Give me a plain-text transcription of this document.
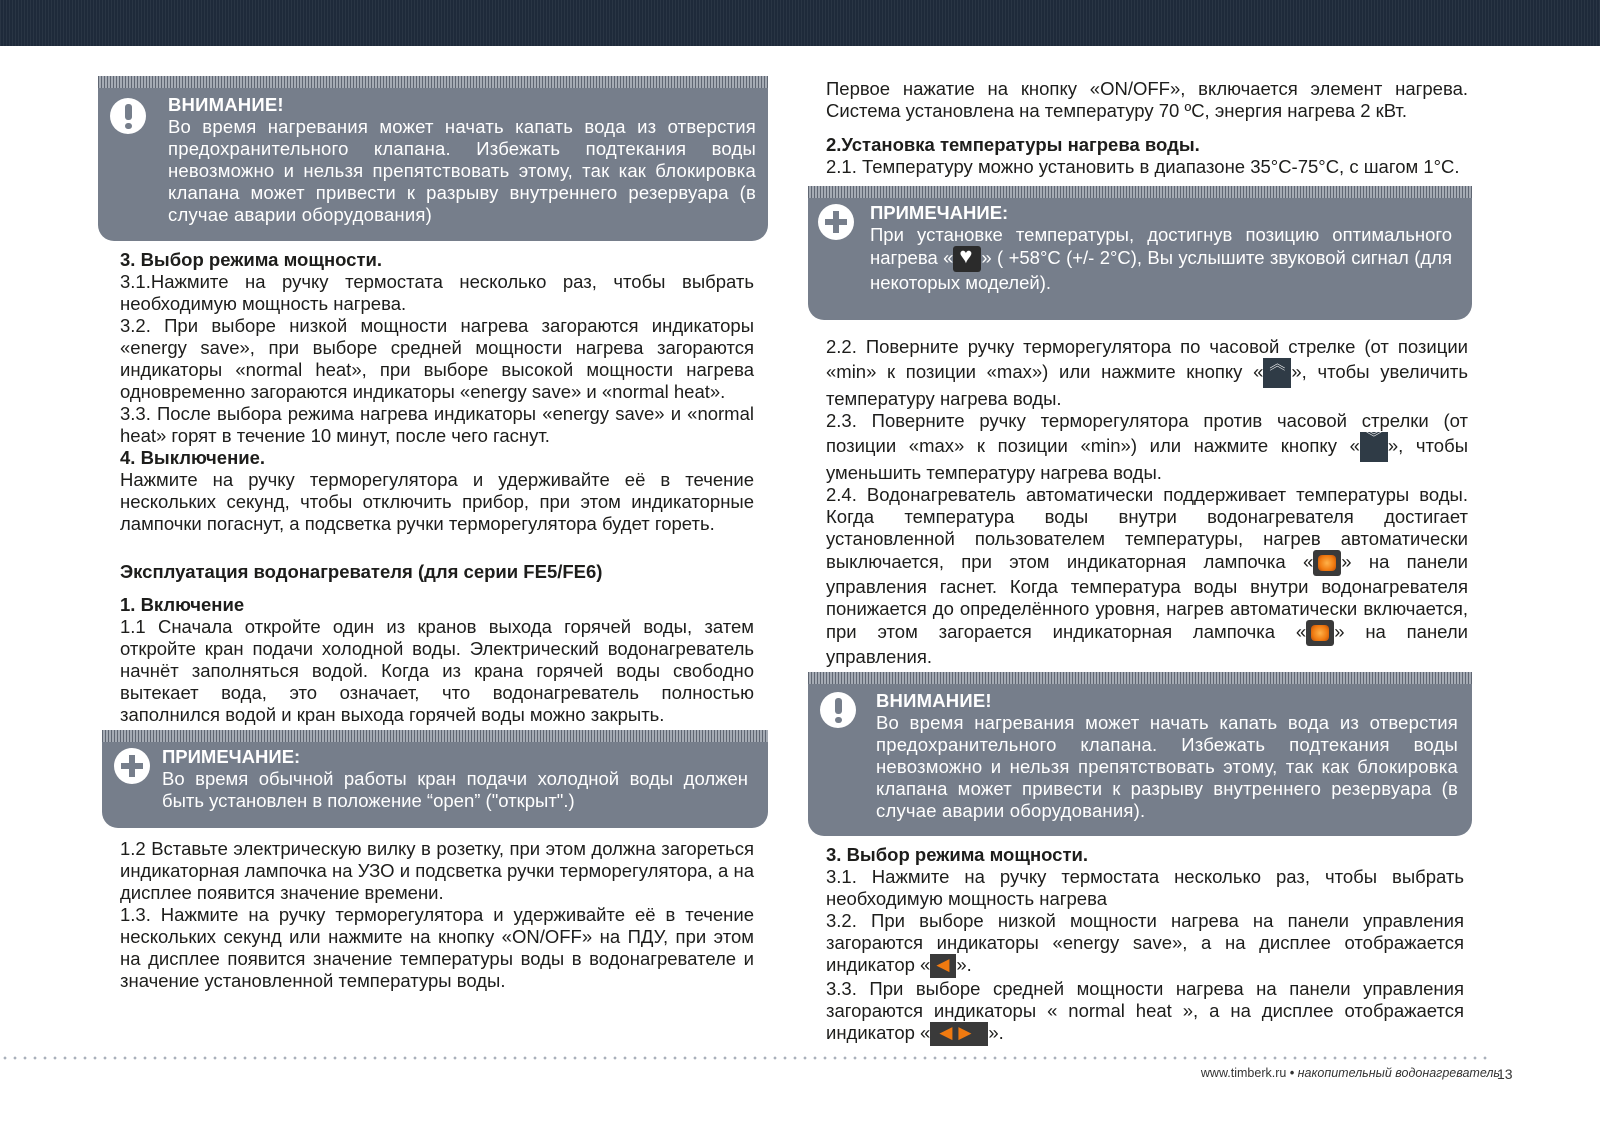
ВНИМАНИЕ!

Во время нагревания может начать капать вода из отверстия предохранительного клапана. Избежать подтекания воды невозможно и нельзя препятствовать этому, так как блокировка клапана может привести к разрыву внутреннего резервуара (в случае аварии оборудования)

3. Выбор режима мощности.

3.1.Нажмите на ручку термостата несколько раз, чтобы выбрать необходимую мощность нагрева.

3.2. При выборе низкой мощности нагрева загораются индикаторы «energy save», при выборе средней мощности нагрева загораются индикаторы «normal heat», при выборе высокой мощности нагрева одновременно загораются индикаторы «energy save» и «normal heat».

3.3. После выбора режима нагрева индикаторы «energy save» и «normal heat» горят в течение 10 минут, после чего гаснут.

4. Выключение.

Нажмите на ручку терморегулятора и удерживайте её в течение нескольких секунд, чтобы отключить прибор, при этом индикаторные лампочки погаснут, а подсветка ручки терморегулятора будет гореть.

Эксплуатация водонагревателя (для серии FE5/FE6)
1. Включение

1.1 Сначала откройте один из кранов выхода горячей воды, затем откройте кран подачи холодной воды. Электрический водонагреватель начнёт заполняться водой. Когда из крана горячей воды свободно вытекает вода, это означает, что водонагреватель полностью заполнился водой и кран выхода горячей воды можно закрыть.

ПРИМЕЧАНИЕ:

Во время обычной работы кран подачи холодной воды должен быть установлен в положение “open” ("открыт".)

1.2 Вставьте электрическую вилку в розетку, при этом должна загореться индикаторная лампочка на УЗО и подсветка ручки терморегулятора, а на дисплее появится значение времени.

1.3. Нажмите на ручку терморегулятора и удерживайте её в течение нескольких секунд или нажмите на кнопку «ON/OFF» на ПДУ, при этом на дисплее появится значение температуры воды в водонагревателе и значение установленной температуры воды.

Первое нажатие на кнопку «ON/OFF», включается элемент нагрева. Система установлена на температуру 70 ºС, энергия нагрева 2 кВт.

2.Установка температуры нагрева воды.

2.1. Температуру можно установить в диапазоне 35°С-75°С, с шагом 1°С.

ПРИМЕЧАНИЕ:

При установке температуры, достигнув позицию оптимального нагрева « ♥ » ( +58°С (+/- 2°С), Вы услышите звуковой сигнал (для некоторых моделей).

2.2. Поверните ручку терморегулятора по часовой стрелке (от позиции «min» к позиции «max») или нажмите кнопку « ︽ », чтобы увеличить температуру нагрева воды.

2.3. Поверните ручку терморегулятора против часовой стрелки (от позиции «max» к позиции «min») или нажмите кнопку « ︾ », чтобы уменьшить температуру нагрева воды.

2.4. Водонагреватель автоматически поддерживает температуры воды. Когда температура воды внутри водонагревателя достигает установленной пользователем температуры, нагрев автоматически выключается, при этом индикаторная лампочка « » на панели управления гаснет. Когда температура воды внутри водонагревателя понижается до определённого уровня, нагрев автоматически включается, при этом загорается индикаторная лампочка « » на панели управления.

ВНИМАНИЕ!

Во время нагревания может начать капать вода из отверстия предохранительного клапана. Избежать подтекания воды невозможно и нельзя препятствовать этому, так как блокировка клапана может привести к разрыву внутреннего резервуара (в случае аварии оборудования).

3. Выбор режима мощности.

3.1. Нажмите на ручку термостата несколько раз, чтобы выбрать необходимую мощность нагрева

3.2. При выборе низкой мощности нагрева на панели управления загораются индикаторы «energy save», а на дисплее отображается индикатор « ◀ ».

3.3. При выборе средней мощности нагрева на панели управления загораются индикаторы « normal heat », а на дисплее отображается индикатор « ◀▶	».

www.timberk.ru • накопительный водонагреватель
13
